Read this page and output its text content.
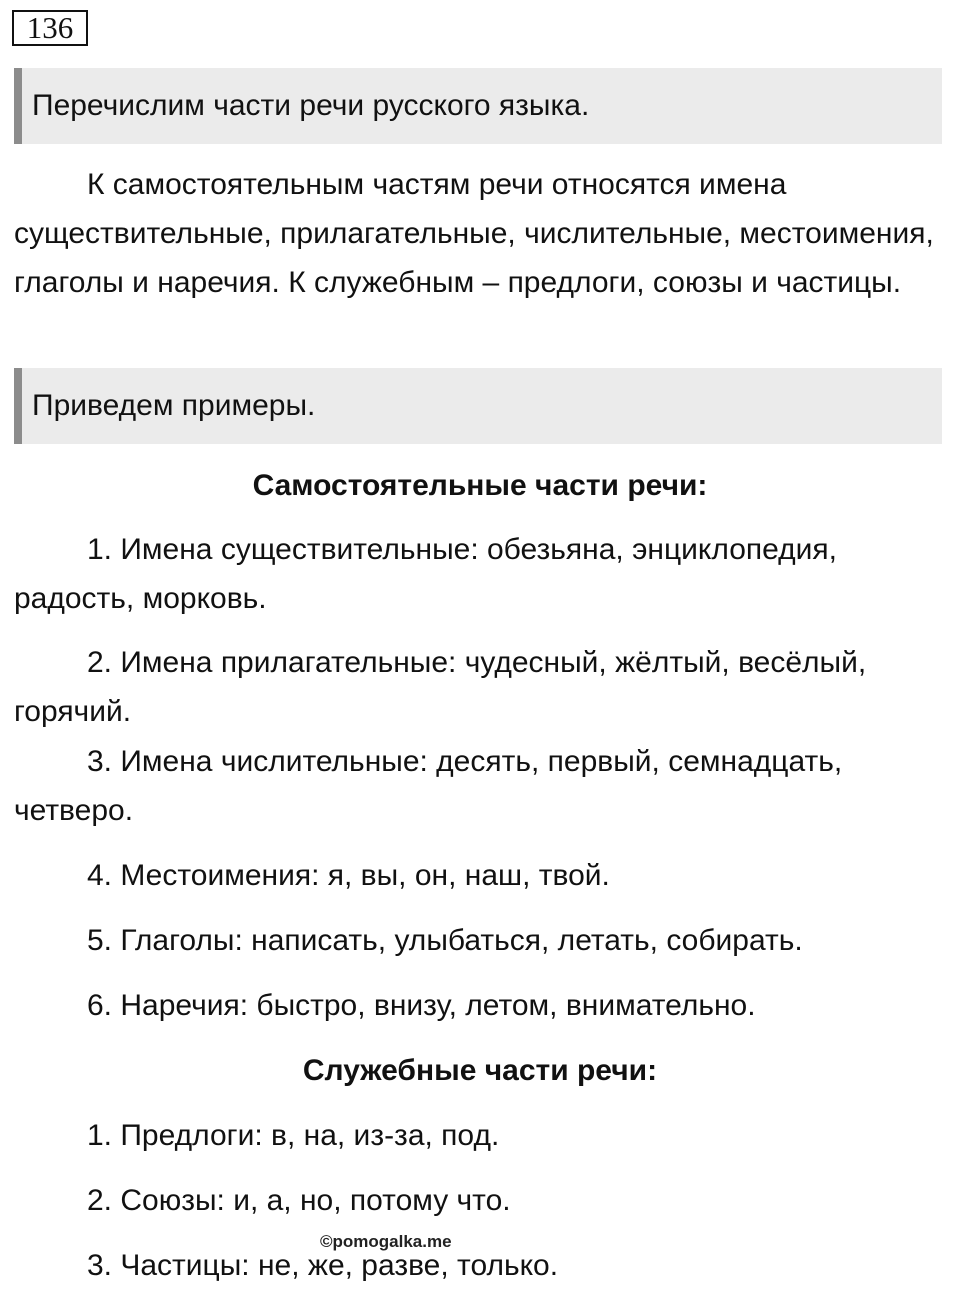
136
Перечислим части речи русского языка.

К самостоятельным частям речи относятся имена существительные, прилагательные, числительные, местоимения, глаголы и наречия. К служебным – предлоги, союзы и частицы.

Приведем примеры.
Самостоятельные части речи:

1. Имена существительные: обезьяна, энциклопедия, радость, морковь.

2. Имена прилагательные: чудесный, жёлтый, весёлый, горячий.

3. Имена числительные: десять, первый, семнадцать, четверо.

4. Местоимения: я, вы, он, наш, твой.

5. Глаголы: написать, улыбаться, летать, собирать.

6. Наречия: быстро, внизу, летом, внимательно.

Служебные части речи:

1. Предлоги: в, на, из-за, под.

2. Союзы: и, а, но, потому что.

3. Частицы: не, же, разве, только.

©pomogalka.me
